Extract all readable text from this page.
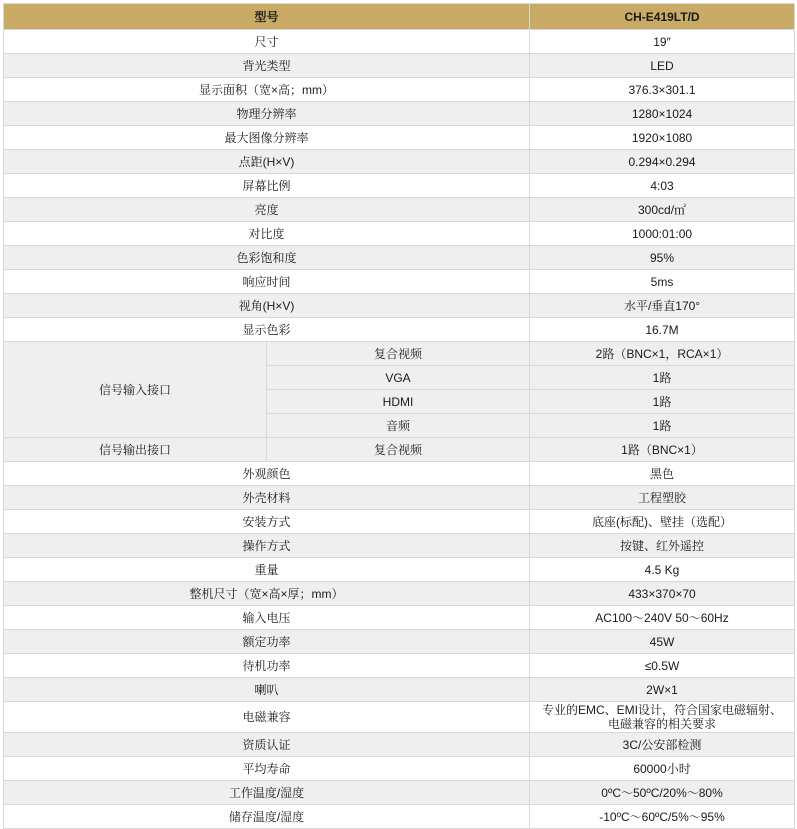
型号		CH-E419LT/D
尺寸		19″
背光类型		LED
显示面积（宽×高；mm）		376.3×301.1
物理分辨率		1280×1024
最大图像分辨率		1920×1080
点距(H×V)		0.294×0.294
屏幕比例		4:03
亮度		300cd/㎡
对比度		1000:01:00
色彩饱和度		95%
响应时间		5ms
视角(H×V)		水平/垂直170°
显示色彩		16.7M
信号输入接口	复合视频	2路（BNC×1，RCA×1）
	VGA	1路
	HDMI	1路
	音频	1路
信号输出接口	复合视频	1路（BNC×1）
外观颜色		黑色
外壳材料		工程塑胶
安装方式		底座(标配)、壁挂（选配）
操作方式		按键、红外遥控
重量		4.5 Kg
整机尺寸（宽×高×厚；mm）		433×370×70
输入电压		AC100～240V 50～60Hz
额定功率		45W
待机功率		≤0.5W
喇叭		2W×1
电磁兼容		专业的EMC、EMI设计，符合国家电磁辐射、
电磁兼容的相关要求

资质认证		3C/公安部检测
平均寿命		60000小时
工作温度/湿度		0ºC～50ºC/20%～80%
储存温度/湿度		-10ºC～60ºC/5%～95%
